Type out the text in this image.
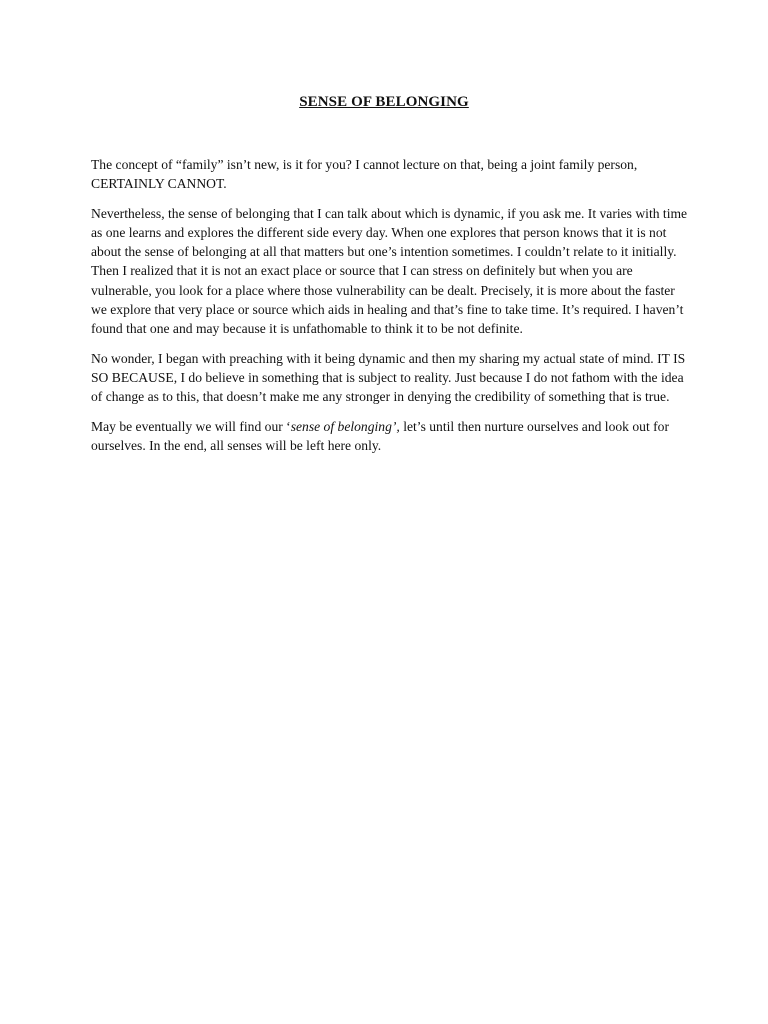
SENSE OF BELONGING

The concept of “family” isn’t new, is it for you? I cannot lecture on that, being a joint family person, CERTAINLY CANNOT.

Nevertheless, the sense of belonging that I can talk about which is dynamic, if you ask me. It varies with time as one learns and explores the different side every day. When one explores that person knows that it is not about the sense of belonging at all that matters but one’s intention sometimes. I couldn’t relate to it initially. Then I realized that it is not an exact place or source that I can stress on definitely but when you are vulnerable, you look for a place where those vulnerability can be dealt. Precisely, it is more about the faster we explore that very place or source which aids in healing and that’s fine to take time. It’s required. I haven’t found that one and may because it is unfathomable to think it to be not definite.

No wonder, I began with preaching with it being dynamic and then my sharing my actual state of mind. IT IS SO BECAUSE, I do believe in something that is subject to reality. Just because I do not fathom with the idea of change as to this, that doesn’t make me any stronger in denying the credibility of something that is true.

May be eventually we will find our ‘sense of belonging’, let’s until then nurture ourselves and look out for ourselves. In the end, all senses will be left here only.
